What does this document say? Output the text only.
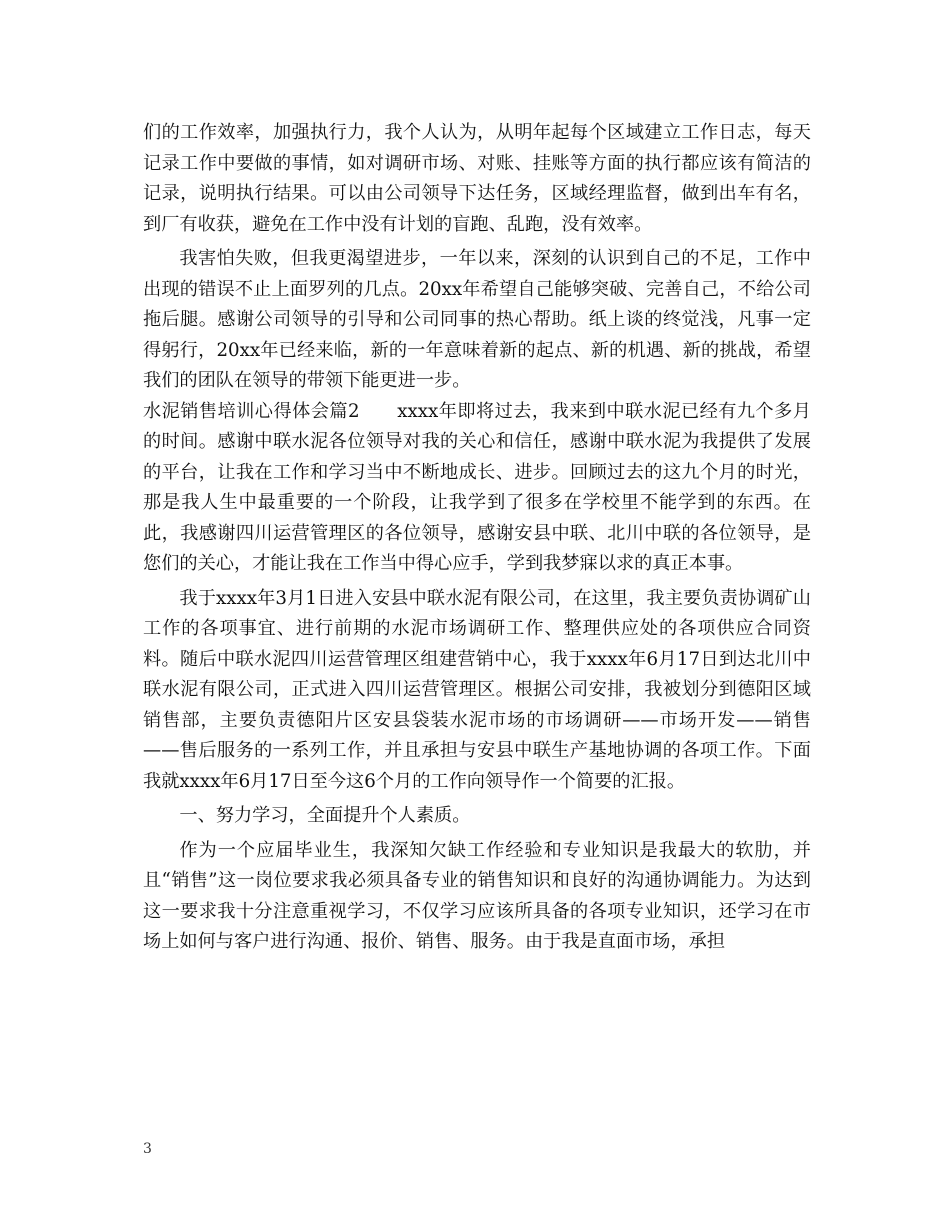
们的工作效率，加强执行力，我个人认为，从明年起每个区域建立工作日志，每天记录工作中要做的事情，如对调研市场、对账、挂账等方面的执行都应该有简洁的记录，说明执行结果。可以由公司领导下达任务，区域经理监督，做到出车有名，到厂有收获，避免在工作中没有计划的盲跑、乱跑，没有效率。

我害怕失败，但我更渴望进步，一年以来，深刻的认识到自己的不足，工作中出现的错误不止上面罗列的几点。20xx年希望自己能够突破、完善自己，不给公司拖后腿。感谢公司领导的引导和公司同事的热心帮助。纸上谈的终觉浅，凡事一定得躬行，20xx年已经来临，新的一年意味着新的起点、新的机遇、新的挑战，希望我们的团队在领导的带领下能更进一步。

水泥销售培训心得体会篇2　　xxxx年即将过去，我来到中联水泥已经有九个多月的时间。感谢中联水泥各位领导对我的关心和信任，感谢中联水泥为我提供了发展的平台，让我在工作和学习当中不断地成长、进步。回顾过去的这九个月的时光，那是我人生中最重要的一个阶段，让我学到了很多在学校里不能学到的东西。在此，我感谢四川运营管理区的各位领导，感谢安县中联、北川中联的各位领导，是您们的关心，才能让我在工作当中得心应手，学到我梦寐以求的真正本事。

我于xxxx年3月1日进入安县中联水泥有限公司，在这里，我主要负责协调矿山工作的各项事宜、进行前期的水泥市场调研工作、整理供应处的各项供应合同资料。随后中联水泥四川运营管理区组建营销中心，我于xxxx年6月17日到达北川中联水泥有限公司，正式进入四川运营管理区。根据公司安排，我被划分到德阳区域销售部，主要负责德阳片区安县袋装水泥市场的市场调研——市场开发——销售——售后服务的一系列工作，并且承担与安县中联生产基地协调的各项工作。下面我就xxxx年6月17日至今这6个月的工作向领导作一个简要的汇报。

一、努力学习，全面提升个人素质。

作为一个应届毕业生，我深知欠缺工作经验和专业知识是我最大的软肋，并且“销售”这一岗位要求我必须具备专业的销售知识和良好的沟通协调能力。为达到这一要求我十分注意重视学习，不仅学习应该所具备的各项专业知识，还学习在市场上如何与客户进行沟通、报价、销售、服务。由于我是直面市场，承担

3
